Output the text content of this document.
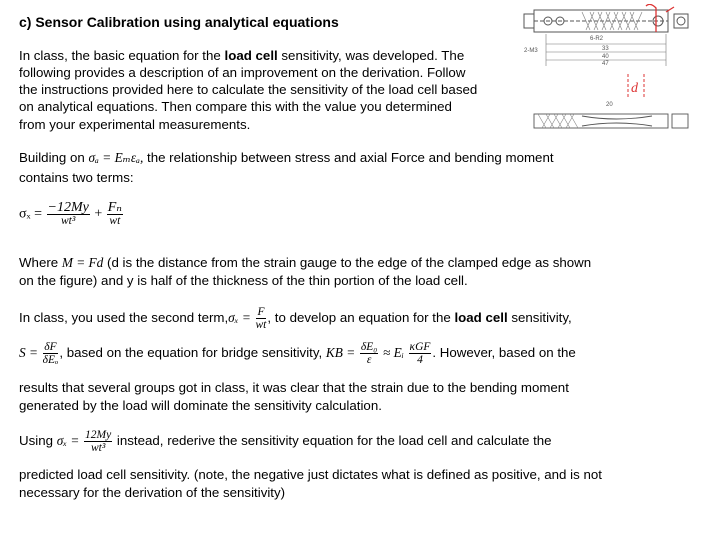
c) Sensor Calibration using analytical equations
In class, the basic equation for the load cell sensitivity, was developed. The
following provides a description of an improvement on the derivation. Follow
the instructions provided here to calculate the sensitivity of the load cell based
on analytical equations. Then compare this with the value you determined
from your experimental measurements.
2-M3
6-R2
33
40
47
d
20
Building on σₐ = Eₘεₐ, the relationship between stress and axial Force and bending moment
contains two terms:
$\sigma_x = \frac{-12My}{\text{wt³}} + \frac{\text{Fₙ}}{wt}$
Where M = Fd (d is the distance from the strain gauge to the edge of the clamped edge as shown
on the figure) and y is half of the thickness of the thin portion of the load cell.
In class, you used the second term,σₓ = $\frac{F}{wt}$ , to develop an equation for the load cell sensitivity,
$S = \frac{\delta F}{\text{δEₒ}}$ , based on the equation for bridge sensitivity, KB = $\frac{\text{δE₀}}{\varepsilon}$ ≈ Eᵢ $\frac{\text{κGF}}{4}$ . However, based on the
results that several groups got in class, it was clear that the strain due to the bending moment
generated by the load will dominate the sensitivity calculation.
Using $\sigma_x = \frac{12My}{\text{wt³}}$ instead, rederive the sensitivity equation for the load cell and calculate the
predicted load cell sensitivity. (note, the negative just dictates what is defined as positive, and is not
necessary for the derivation of the sensitivity)
